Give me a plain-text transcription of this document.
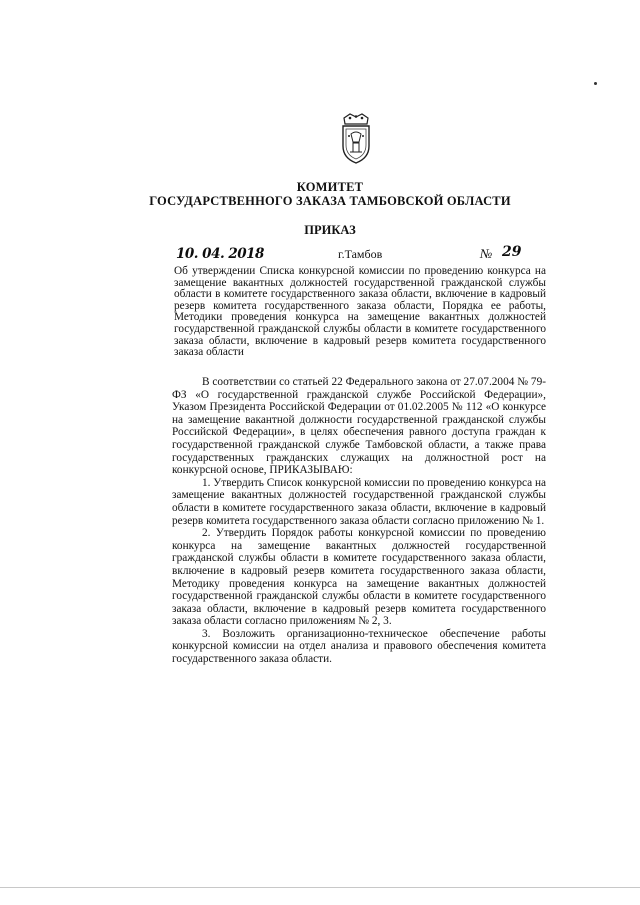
КОМИТЕТ
ГОСУДАРСТВЕННОГО ЗАКАЗА ТАМБОВСКОЙ ОБЛАСТИ
ПРИКАЗ
10. 04. 2018	г.Тамбов	№ 29
Об утверждении Списка конкурсной комиссии по проведению конкурса на замещение вакантных должностей государственной гражданской службы области в комитете государственного заказа области, включение в кадровый резерв комитета государственного заказа области, Порядка ее работы, Методики проведения конкурса на замещение вакантных должностей государственной гражданской службы области в комитете государственного заказа области, включение в кадровый резерв комитета государственного заказа области

В соответствии со статьей 22 Федерального закона от 27.07.2004 № 79-ФЗ «О государственной гражданской службе Российской Федерации», Указом Президента Российской Федерации от 01.02.2005 № 112 «О конкурсе на замещение вакантной должности государственной гражданской службы Российской Федерации», в целях обеспечения равного доступа граждан к государственной гражданской службе Тамбовской области, а также права государственных гражданских служащих на должностной рост на конкурсной основе, ПРИКАЗЫВАЮ:

1. Утвердить Список конкурсной комиссии по проведению конкурса на замещение вакантных должностей государственной гражданской службы области в комитете государственного заказа области, включение в кадровый резерв комитета государственного заказа области согласно приложению № 1.

2. Утвердить Порядок работы конкурсной комиссии по проведению конкурса на замещение вакантных должностей государственной гражданской службы области в комитете государственного заказа области, включение в кадровый резерв комитета государственного заказа области, Методику проведения конкурса на замещение вакантных должностей государственной гражданской службы области в комитете государственного заказа области, включение в кадровый резерв комитета государственного заказа области согласно приложениям № 2, 3.

3. Возложить организационно-техническое обеспечение работы конкурсной комиссии на отдел анализа и правового обеспечения комитета государственного заказа области.
